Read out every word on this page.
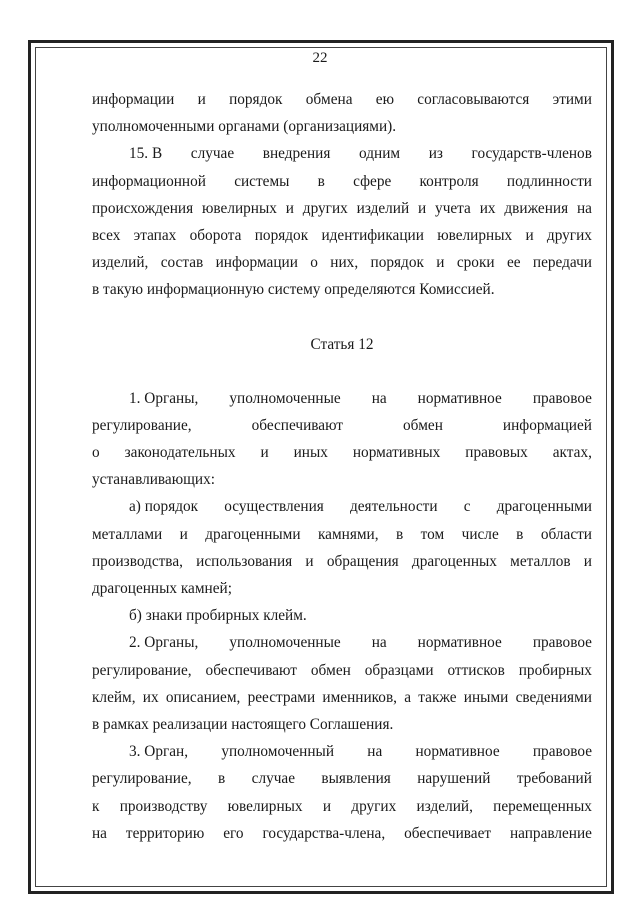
22
информации и порядок обмена ею согласовываются этими
уполномоченными органами (организациями).
15. В случае внедрения одним из государств-членов
информационной системы в сфере контроля подлинности
происхождения ювелирных и других изделий и учета их движения на
всех этапах оборота порядок идентификации ювелирных и других
изделий, состав информации о них, порядок и сроки ее передачи
в такую информационную систему определяются Комиссией.
Статья 12
1. Органы, уполномоченные на нормативное правовое
регулирование,	обеспечивают	обмен	информацией
о законодательных и иных нормативных правовых актах,
устанавливающих:
а) порядок осуществления деятельности с драгоценными
металлами и драгоценными камнями, в том числе в области
производства, использования и обращения драгоценных металлов и
драгоценных камней;
б) знаки пробирных клейм.
2. Органы, уполномоченные на нормативное правовое
регулирование, обеспечивают обмен образцами оттисков пробирных
клейм, их описанием, реестрами именников, а также иными сведениями
в рамках реализации настоящего Соглашения.
3. Орган, уполномоченный на нормативное правовое
регулирование, в случае выявления нарушений требований
к производству ювелирных и других изделий, перемещенных
на территорию его государства-члена, обеспечивает направление
